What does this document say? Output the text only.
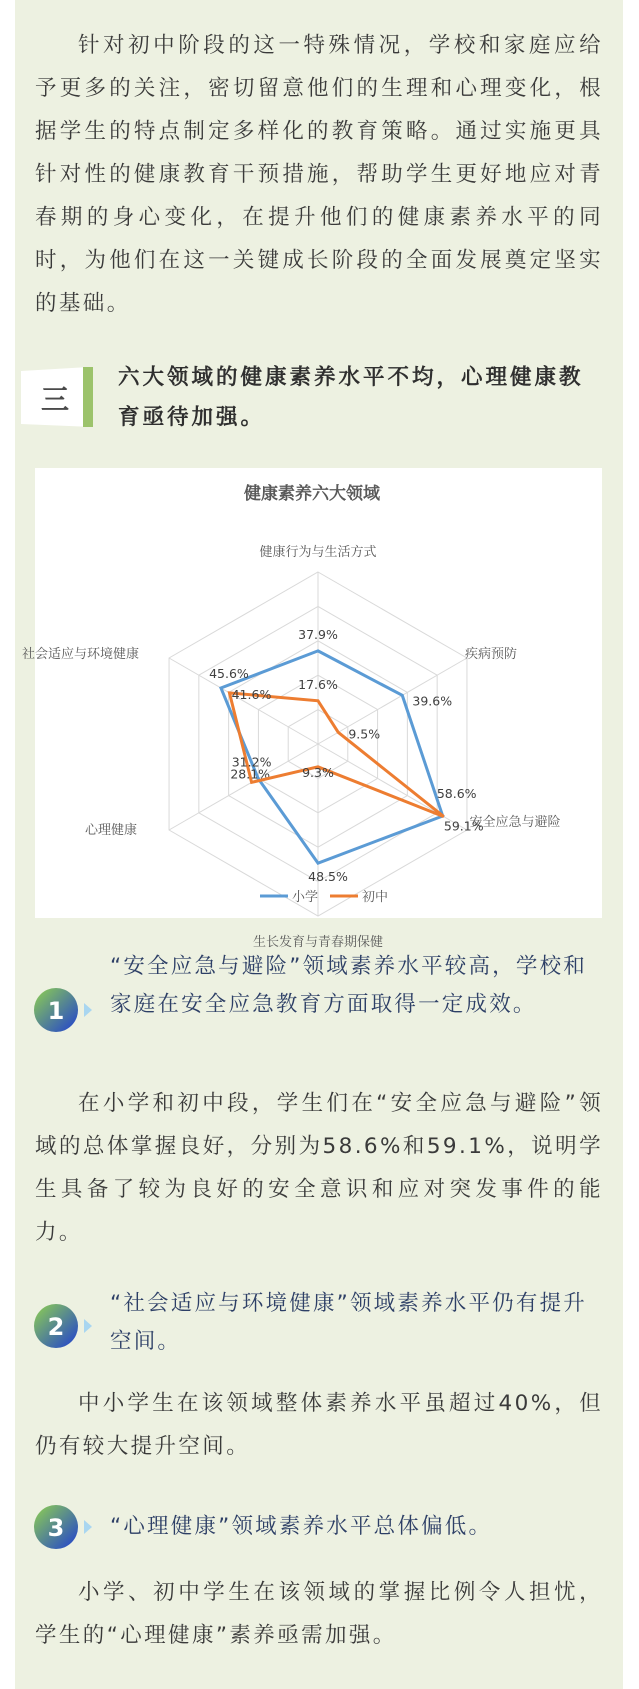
针对初中阶段的这一特殊情况，学校和家庭应给予更多的关注，密切留意他们的生理和心理变化，根据学生的特点制定多样化的教育策略。通过实施更具针对性的健康教育干预措施，帮助学生更好地应对青春期的身心变化，在提升他们的健康素养水平的同时，为他们在这一关键成长阶段的全面发展奠定坚实的基础。

三

六大领域的健康素养水平不均，心理健康教育亟待加强。

健康素养六大领域
健康行为与生活方式
疾病预防
安全应急与避险
生长发育与青春期保健
心理健康
社会适应与环境健康
37.9%
39.6%
58.6%
48.5%
28.1%
45.6%
17.6%
9.5%
59.1%
9.3%
31.2%
41.6%
小学	初中
1

“安全应急与避险”领域素养水平较高，学校和家庭在安全应急教育方面取得一定成效。

在小学和初中段，学生们在“安全应急与避险”领域的总体掌握良好，分别为58.6%和59.1%，说明学生具备了较为良好的安全意识和应对突发事件的能力。

2

“社会适应与环境健康”领域素养水平仍有提升空间。

中小学生在该领域整体素养水平虽超过40%，但仍有较大提升空间。

3 “心理健康”领域素养水平总体偏低。

小学、初中学生在该领域的掌握比例令人担忧，学生的“心理健康”素养亟需加强。
